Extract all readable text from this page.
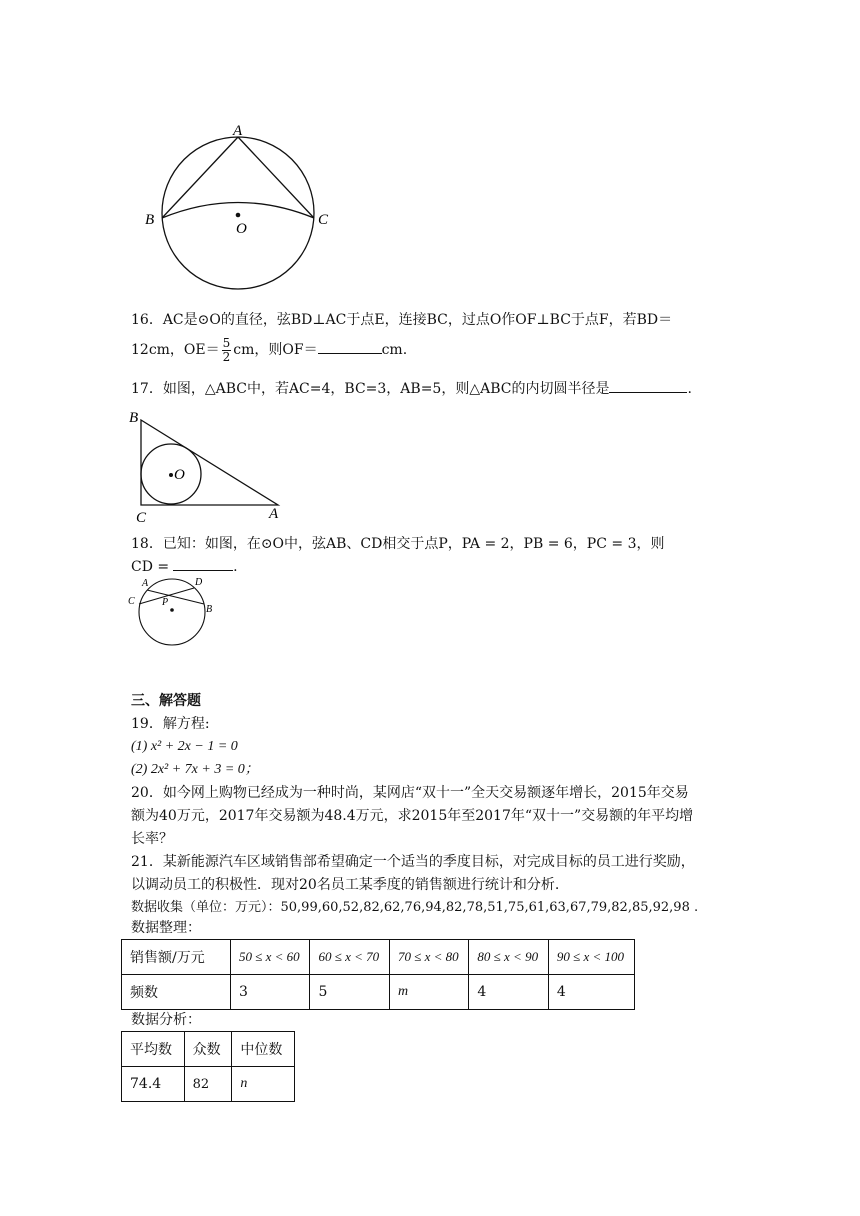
A
B	C
O
16．AC是⊙O的直径，弦BD⊥AC于点E，连接BC，过点O作OF⊥BC于点F，若BD＝
12cm，$OE= \frac{5}{2}$ cm，则OF＝	cm.
17．如图，△ABC中，若AC=4，BC=3，AB=5，则△ABC的内切圆半径是	.
B
O
C	A
18．已知：如图，在⊙O中，弦AB、CD相交于点P，PA = 2，PB = 6，PC = 3，则
CD =	.
A	D
C	P
B
三、解答题
19．解方程:
(1) x² + 2x − 1 = 0
(2) 2x² + 7x + 3 = 0；
20．如今网上购物已经成为一种时尚，某网店“双十一”全天交易额逐年增长，2015年交易
额为40万元，2017年交易额为48.4万元，求2015年至2017年“双十一”交易额的年平均增
长率？
21．某新能源汽车区域销售部希望确定一个适当的季度目标，对完成目标的员工进行奖励，
以调动员工的积极性．现对20名员工某季度的销售额进行统计和分析.
数据收集（单位：万元）：50,99,60,52,82,62,76,94,82,78,51,75,61,63,67,79,82,85,92,98 .
数据整理：
销售额/万元	50 ≤ x < 60	60 ≤ x < 70	70 ≤ x < 80	80 ≤ x < 90	90 ≤ x < 100
频数	3	5	m	4	4
数据分析：
平均数	众数	中位数
74.4	82	n
